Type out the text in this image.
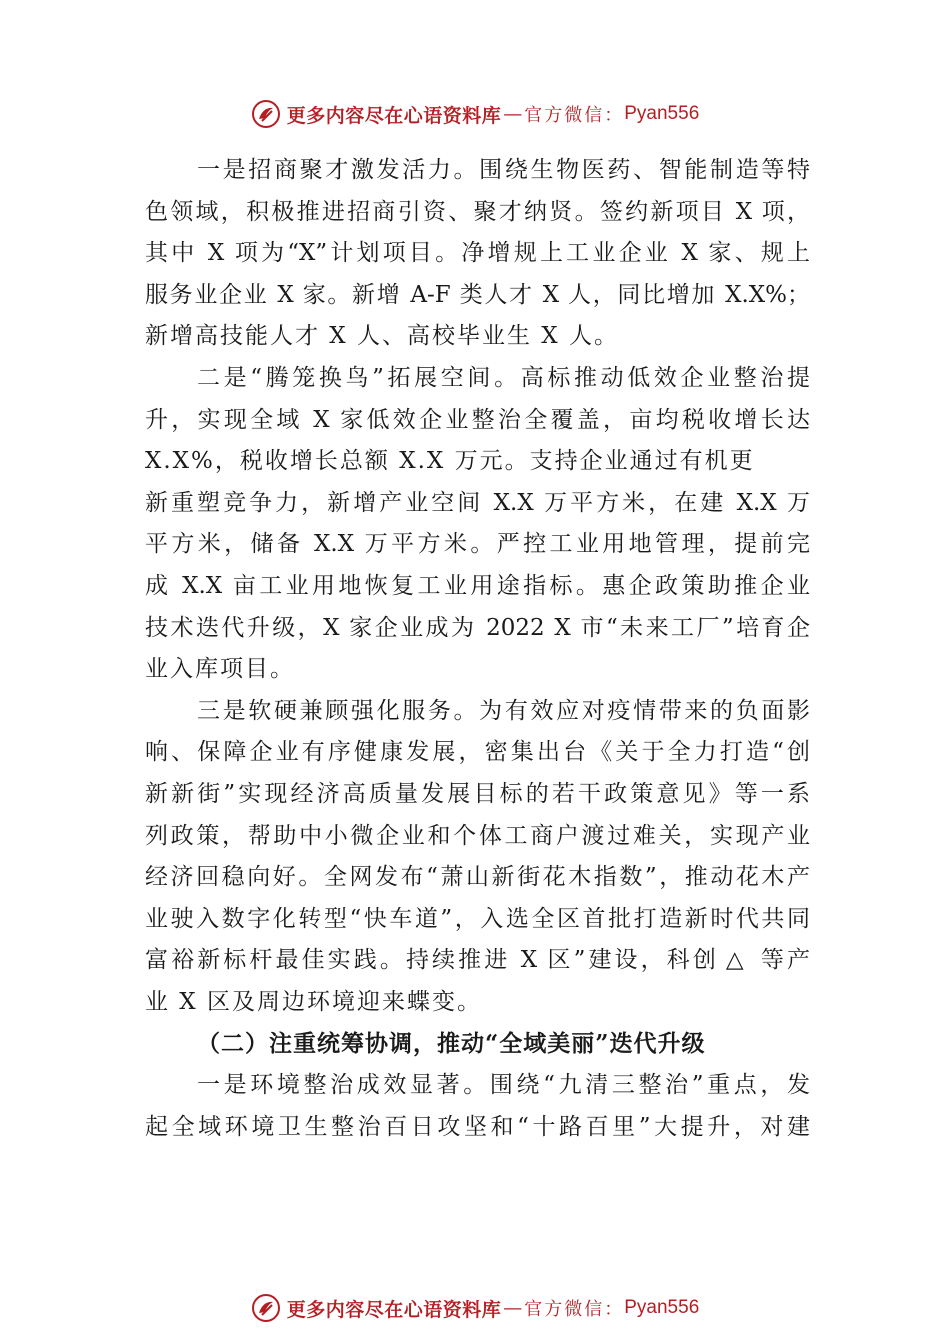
更多内容尽在心语资料库 — 官方微信： Pyan556
一是招商聚才激发活力。围绕生物医药、智能制造等特
色领域，积极推进招商引资、聚才纳贤。签约新项目 X 项，
其中 X 项为“X”计划项目。净增规上工业企业 X 家、规上
服务业企业 X 家。新增 A-F 类人才 X 人，同比增加 X.X%；
新增高技能人才 X 人、高校毕业生 X 人。
二是“腾笼换鸟”拓展空间。高标推动低效企业整治提
升，实现全域 X 家低效企业整治全覆盖，亩均税收增长达
X.X%，税收增长总额 X.X 万元。支持企业通过有机更
新重塑竞争力，新增产业空间 X.X 万平方米，在建 X.X 万
平方米，储备 X.X 万平方米。严控工业用地管理，提前完
成 X.X 亩工业用地恢复工业用途指标。惠企政策助推企业
技术迭代升级，X 家企业成为 2022 X 市“未来工厂”培育企
业入库项目。
三是软硬兼顾强化服务。为有效应对疫情带来的负面影
响、保障企业有序健康发展，密集出台《关于全力打造“创
新新街”实现经济高质量发展目标的若干政策意见》等一系
列政策，帮助中小微企业和个体工商户渡过难关，实现产业
经济回稳向好。全网发布“萧山新街花木指数”，推动花木产
业驶入数字化转型“快车道”，入选全区首批打造新时代共同
富裕新标杆最佳实践。持续推进 X 区”建设，科创 △  等产
业 X 区及周边环境迎来蝶变。
（二）注重统筹协调，推动“全域美丽”迭代升级
一是环境整治成效显著。围绕“九清三整治”重点，发
起全域环境卫生整治百日攻坚和“十路百里”大提升，对建
更多内容尽在心语资料库 — 官方微信： Pyan556
